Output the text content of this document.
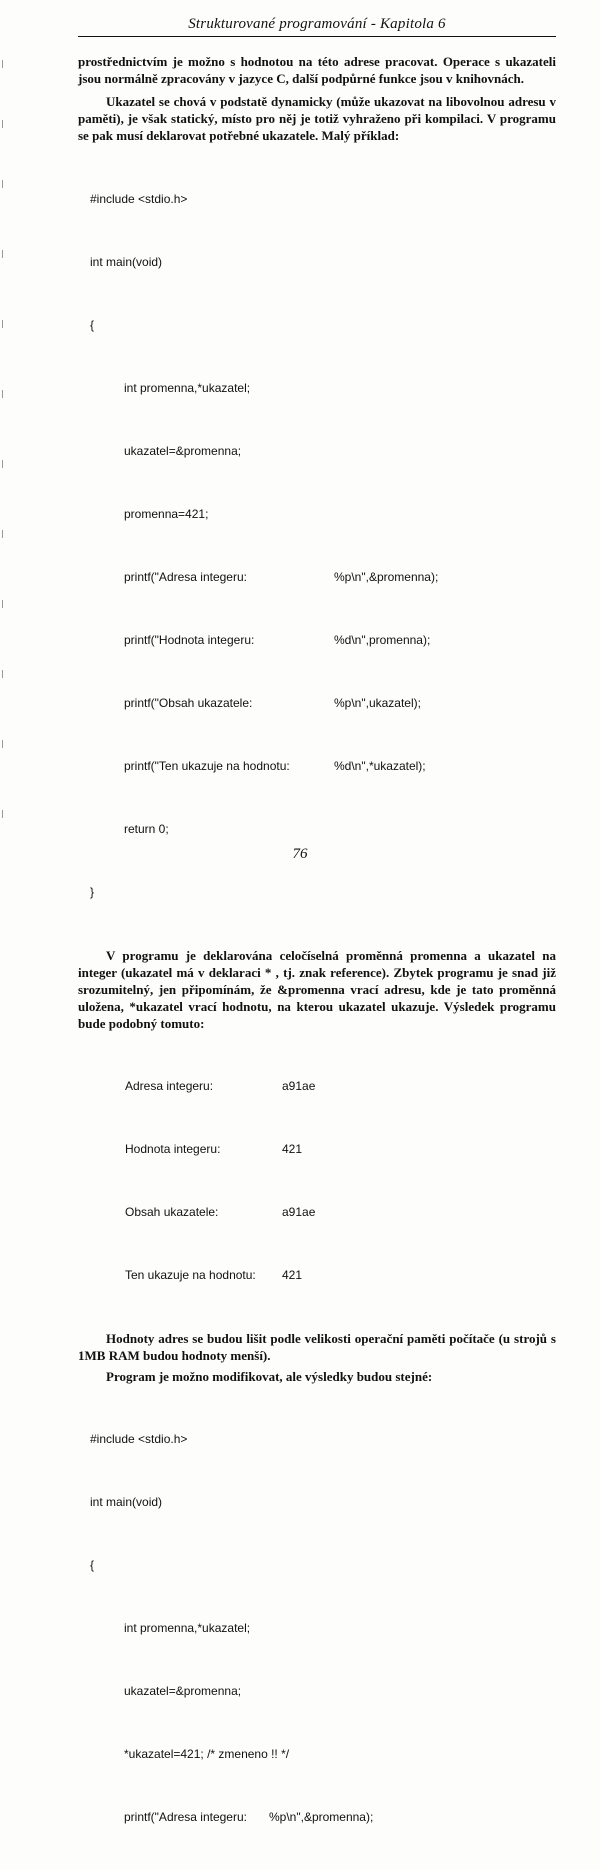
Strukturované programování - Kapitola 6

prostřednictvím je možno s hodnotou na této adrese pracovat. Operace s ukazateli jsou normálně zpracovány v jazyce C, další podpůrné funkce jsou v knihovnách.

Ukazatel se chová v podstatě dynamicky (může ukazovat na libovolnou adresu v paměti), je však statický, místo pro něj je totiž vyhraženo při kompilaci. V programu se pak musí deklarovat potřebné ukazatele. Malý příklad:

#include <stdio.h>

int main(void)

{

int promenna,*ukazatel;

ukazatel=&promenna;

promenna=421;

printf("Adresa integeru:	%p\n",&promenna);

printf("Hodnota integeru:	%d\n",promenna);

printf("Obsah ukazatele:	%p\n",ukazatel);

printf("Ten ukazuje na hodnotu:	%d\n",*ukazatel);

return 0;

}

V programu je deklarována celočíselná proměnná promenna a ukazatel na integer (ukazatel má v deklaraci * , tj. znak reference). Zbytek programu je snad již srozumitelný, jen připomínám, že &promenna vrací adresu, kde je tato proměnná uložena, *ukazatel vrací hodnotu, na kterou ukazatel ukazuje. Výsledek programu bude podobný tomuto:

Adresa integeru:	a91ae

Hodnota integeru:	421

Obsah ukazatele:	a91ae

Ten ukazuje na hodnotu:	421

Hodnoty adres se budou lišit podle velikosti operační paměti počítače (u strojů s 1MB RAM budou hodnoty menší).

Program je možno modifikovat, ale výsledky budou stejné:

#include <stdio.h>

int main(void)

{

int promenna,*ukazatel;

ukazatel=&promenna;

*ukazatel=421; /* zmeneno !! */

printf("Adresa integeru:	%p\n",&promenna);

76
